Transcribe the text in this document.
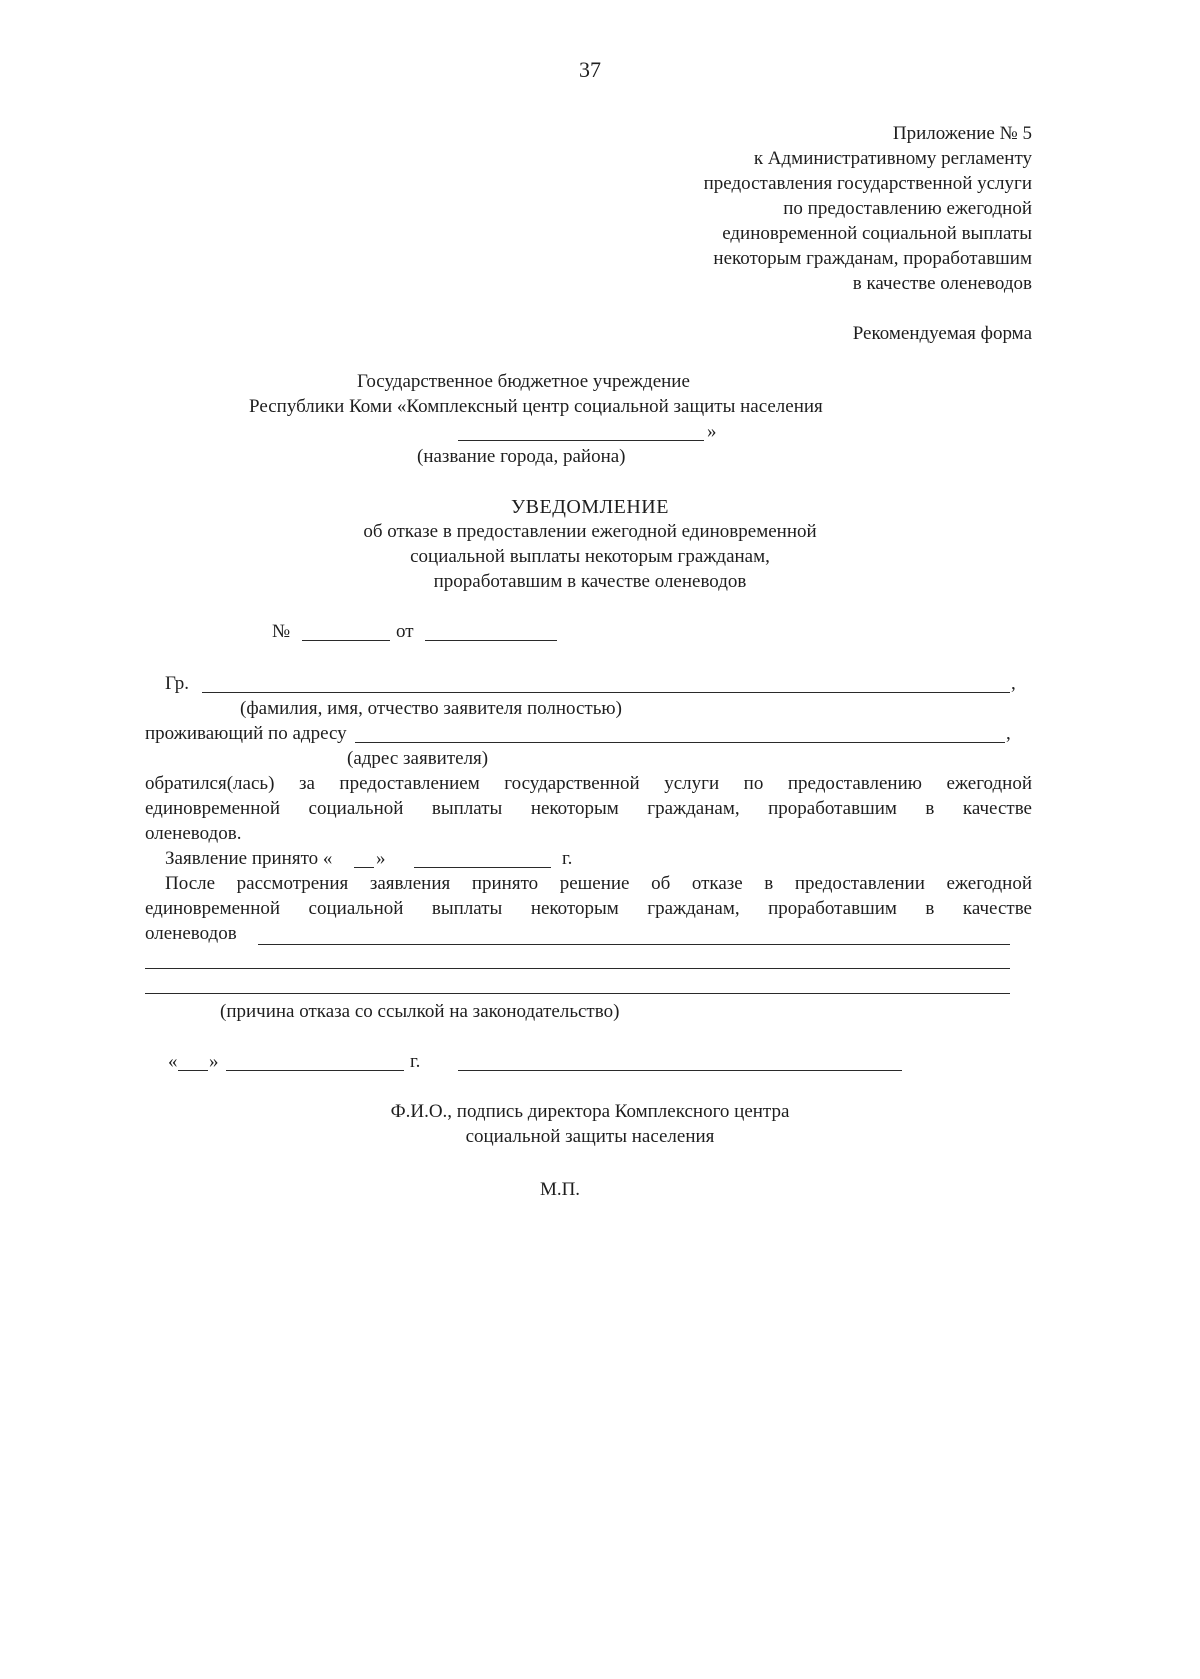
37
Приложение № 5
к Административному регламенту
предоставления государственной услуги
по предоставлению ежегодной
единовременной социальной выплаты
некоторым гражданам, проработавшим
в качестве оленеводов
Рекомендуемая форма
Государственное бюджетное учреждение
Республики Коми «Комплексный центр социальной защиты населения
»
(название города, района)
УВЕДОМЛЕНИЕ
об отказе в предоставлении ежегодной единовременной
социальной выплаты некоторым гражданам,
проработавшим в качестве оленеводов
№	от
Гр.	,
(фамилия, имя, отчество заявителя полностью)
проживающий по адресу	,
(адрес заявителя)
обратился(лась) за предоставлением государственной услуги по предоставлению ежегодной
единовременной социальной выплаты некоторым гражданам, проработавшим в качестве
оленеводов.
Заявление принято « »	г.
После рассмотрения заявления принято решение об отказе в предоставлении ежегодной
единовременной социальной выплаты некоторым гражданам, проработавшим в качестве
оленеводов
(причина отказа со ссылкой на законодательство)
« »	г.
Ф.И.О., подпись директора Комплексного центра
социальной защиты населения
М.П.
